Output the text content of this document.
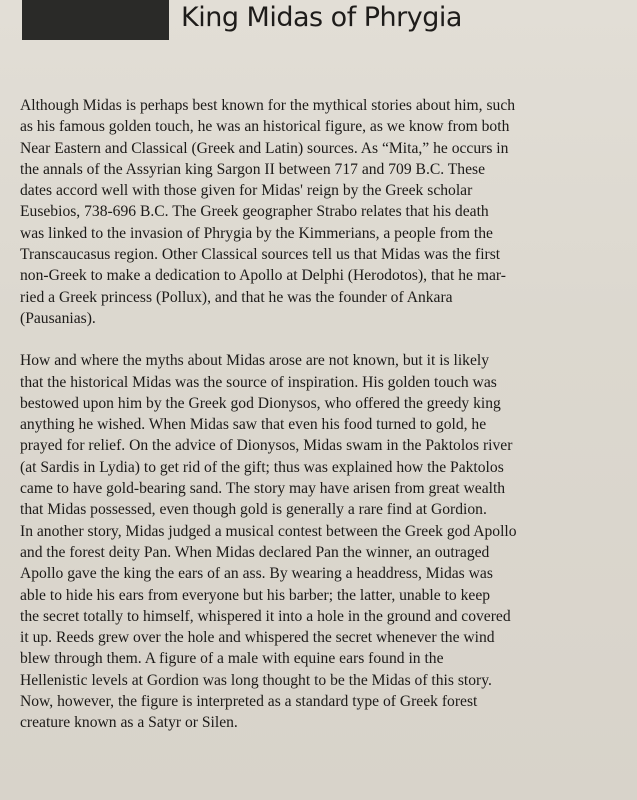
King Midas of Phrygia

Although Midas is perhaps best known for the mythical stories about him, such
as his famous golden touch, he was an historical figure, as we know from both
Near Eastern and Classical (Greek and Latin) sources. As “Mita,” he occurs in
the annals of the Assyrian king Sargon II between 717 and 709 B.C. These
dates accord well with those given for Midas' reign by the Greek scholar
Eusebios, 738-696 B.C. The Greek geographer Strabo relates that his death
was linked to the invasion of Phrygia by the Kimmerians, a people from the
Transcaucasus region. Other Classical sources tell us that Midas was the first
non-Greek to make a dedication to Apollo at Delphi (Herodotos), that he mar-
ried a Greek princess (Pollux), and that he was the founder of Ankara
(Pausanias).

How and where the myths about Midas arose are not known, but it is likely
that the historical Midas was the source of inspiration. His golden touch was
bestowed upon him by the Greek god Dionysos, who offered the greedy king
anything he wished. When Midas saw that even his food turned to gold, he
prayed for relief. On the advice of Dionysos, Midas swam in the Paktolos river
(at Sardis in Lydia) to get rid of the gift; thus was explained how the Paktolos
came to have gold-bearing sand. The story may have arisen from great wealth
that Midas possessed, even though gold is generally a rare find at Gordion.
In another story, Midas judged a musical contest between the Greek god Apollo
and the forest deity Pan. When Midas declared Pan the winner, an outraged
Apollo gave the king the ears of an ass. By wearing a headdress, Midas was
able to hide his ears from everyone but his barber; the latter, unable to keep
the secret totally to himself, whispered it into a hole in the ground and covered
it up. Reeds grew over the hole and whispered the secret whenever the wind
blew through them. A figure of a male with equine ears found in the
Hellenistic levels at Gordion was long thought to be the Midas of this story.
Now, however, the figure is interpreted as a standard type of Greek forest
creature known as a Satyr or Silen.
